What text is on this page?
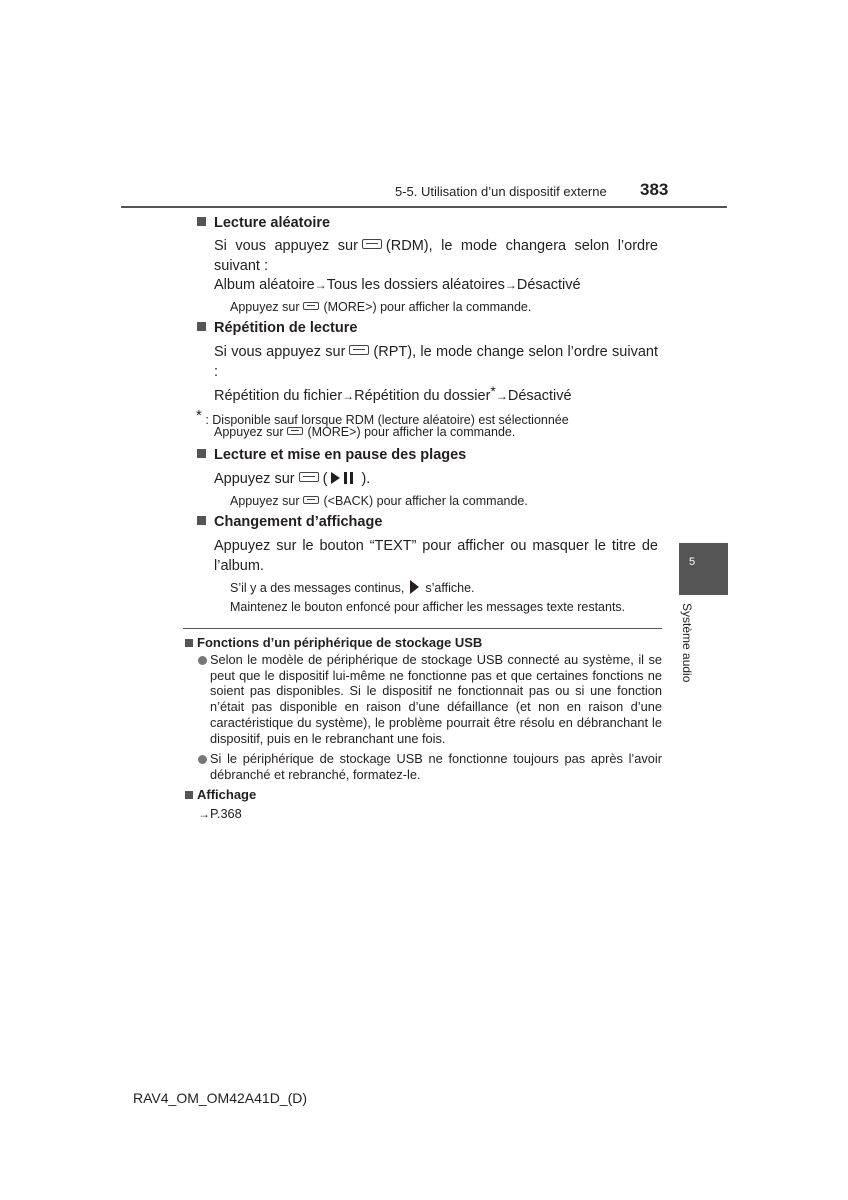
5-5. Utilisation d’un dispositif externe 383
Lecture aléatoire
Si vous appuyez sur (RDM), le mode changera selon l’ordre suivant :
Album aléatoire→Tous les dossiers aléatoires→Désactivé
Appuyez sur (MORE>) pour afficher la commande.
Répétition de lecture
Si vous appuyez sur (RPT), le mode change selon l’ordre suivant :
Répétition du fichier→Répétition du dossier*→Désactivé
* : Disponible sauf lorsque RDM (lecture aléatoire) est sélectionnée
Appuyez sur (MORE>) pour afficher la commande.
Lecture et mise en pause des plages
Appuyez sur ( ).
Appuyez sur (<BACK) pour afficher la commande.
Changement d’affichage
Appuyez sur le bouton “TEXT” pour afficher ou masquer le titre de l’album.
S’il y a des messages continus, s’affiche.
Maintenez le bouton enfoncé pour afficher les messages texte restants.
5
Système audio
Fonctions d’un périphérique de stockage USB
Selon le modèle de périphérique de stockage USB connecté au système, il se peut que le dispositif lui-même ne fonctionne pas et que certaines fonctions ne soient pas disponibles. Si le dispositif ne fonctionnait pas ou si une fonction n’était pas disponible en raison d’une défaillance (et non en raison d’une caractéristique du système), le problème pourrait être résolu en débranchant le dispositif, puis en le rebranchant une fois.
Si le périphérique de stockage USB ne fonctionne toujours pas après l’avoir débranché et rebranché, formatez-le.
Affichage
→P.368
RAV4_OM_OM42A41D_(D)
